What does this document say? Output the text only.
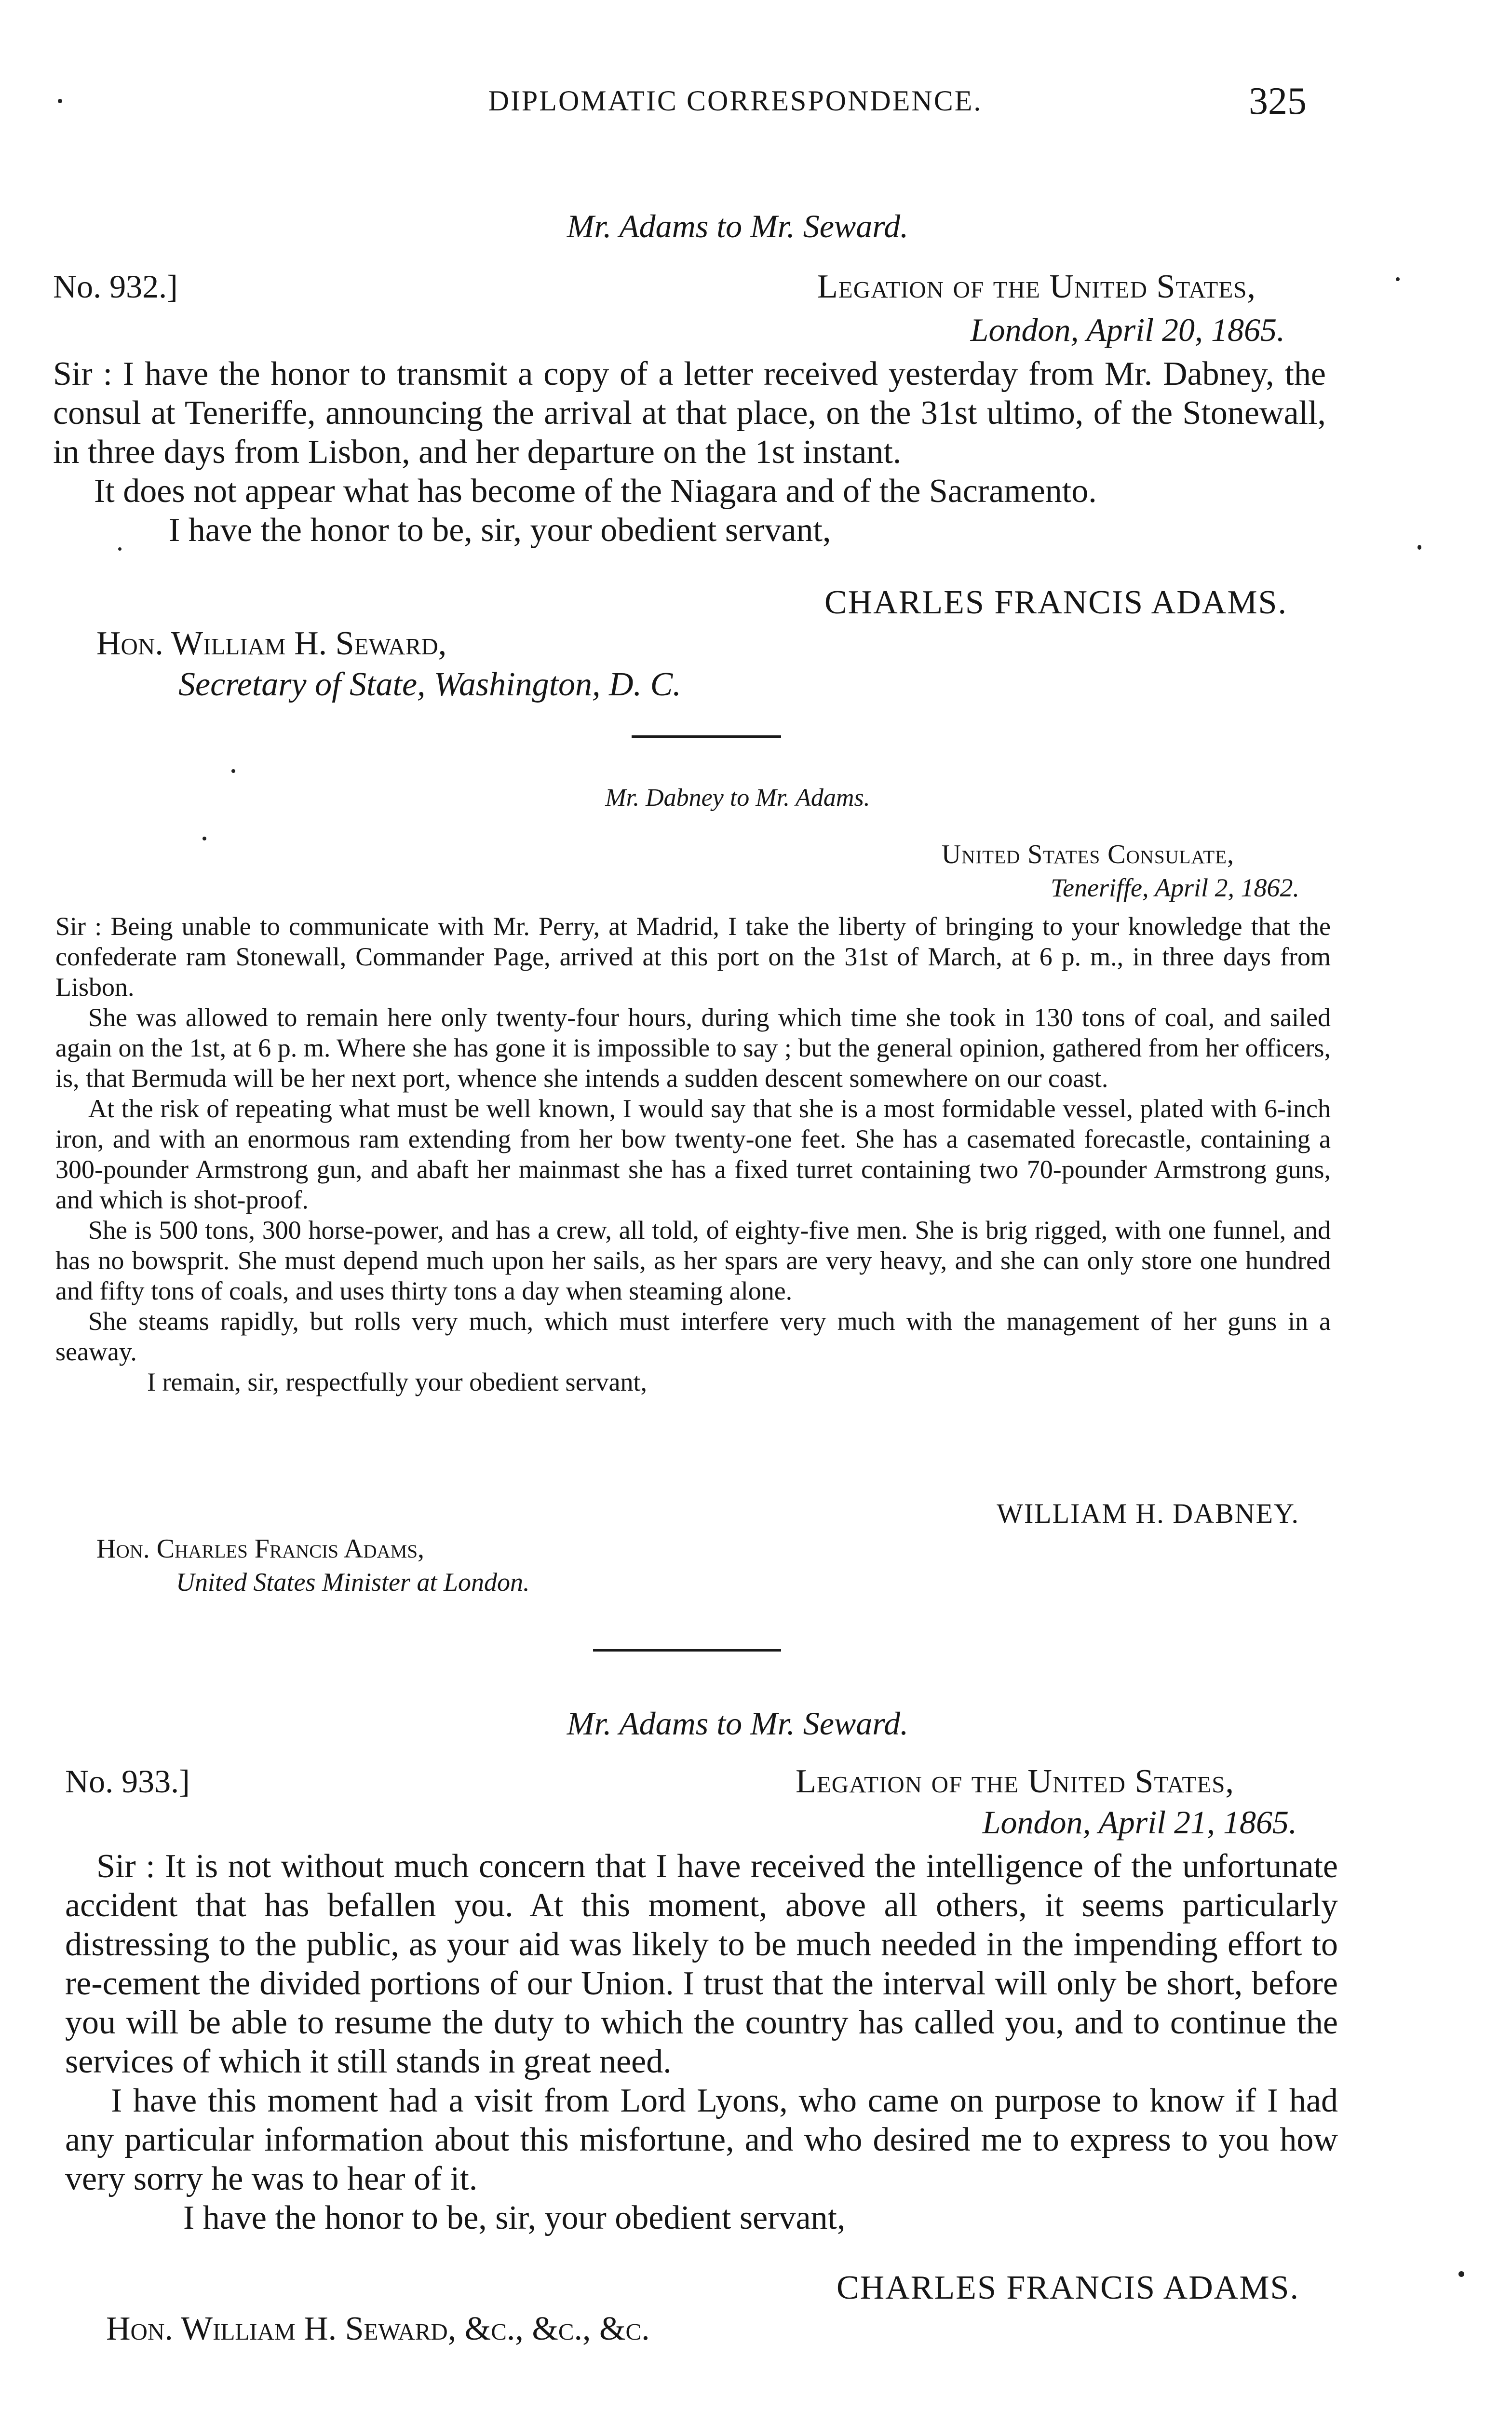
DIPLOMATIC CORRESPONDENCE.	325
Mr. Adams to Mr. Seward.
No. 932.]	Legation of the United States,
London, April 20, 1865.

Sir : I have the honor to transmit a copy of a letter received yesterday from Mr. Dabney, the consul at Teneriffe, announcing the arrival at that place, on the 31st ultimo, of the Stonewall, in three days from Lisbon, and her departure on the 1st instant.

It does not appear what has become of the Niagara and of the Sacramento.

I have the honor to be, sir, your obedient servant,

CHARLES FRANCIS ADAMS.
Hon. William H. Seward,
Secretary of State, Washington, D. C.
Mr. Dabney to Mr. Adams.
United States Consulate,
Teneriffe, April 2, 1862.

Sir : Being unable to communicate with Mr. Perry, at Madrid, I take the liberty of bringing to your knowledge that the confederate ram Stonewall, Commander Page, arrived at this port on the 31st of March, at 6 p. m., in three days from Lisbon.

She was allowed to remain here only twenty-four hours, during which time she took in 130 tons of coal, and sailed again on the 1st, at 6 p. m. Where she has gone it is impossible to say ; but the general opinion, gathered from her officers, is, that Bermuda will be her next port, whence she intends a sudden descent somewhere on our coast.

At the risk of repeating what must be well known, I would say that she is a most formidable vessel, plated with 6-inch iron, and with an enormous ram extending from her bow twenty-one feet. She has a casemated forecastle, containing a 300-pounder Armstrong gun, and abaft her mainmast she has a fixed turret containing two 70-pounder Armstrong guns, and which is shot-proof.

She is 500 tons, 300 horse-power, and has a crew, all told, of eighty-five men. She is brig rigged, with one funnel, and has no bowsprit. She must depend much upon her sails, as her spars are very heavy, and she can only store one hundred and fifty tons of coals, and uses thirty tons a day when steaming alone.

She steams rapidly, but rolls very much, which must interfere very much with the management of her guns in a seaway.

I remain, sir, respectfully your obedient servant,

WILLIAM H. DABNEY.
Hon. Charles Francis Adams,
United States Minister at London.
Mr. Adams to Mr. Seward.
No. 933.]	Legation of the United States,
London, April 21, 1865.

Sir : It is not without much concern that I have received the intelligence of the unfortunate accident that has befallen you. At this moment, above all others, it seems particularly distressing to the public, as your aid was likely to be much needed in the impending effort to re-cement the divided portions of our Union. I trust that the interval will only be short, before you will be able to resume the duty to which the country has called you, and to continue the services of which it still stands in great need.

I have this moment had a visit from Lord Lyons, who came on purpose to know if I had any particular information about this misfortune, and who desired me to express to you how very sorry he was to hear of it.

I have the honor to be, sir, your obedient servant,

CHARLES FRANCIS ADAMS.
Hon. William H. Seward, &c., &c., &c.
